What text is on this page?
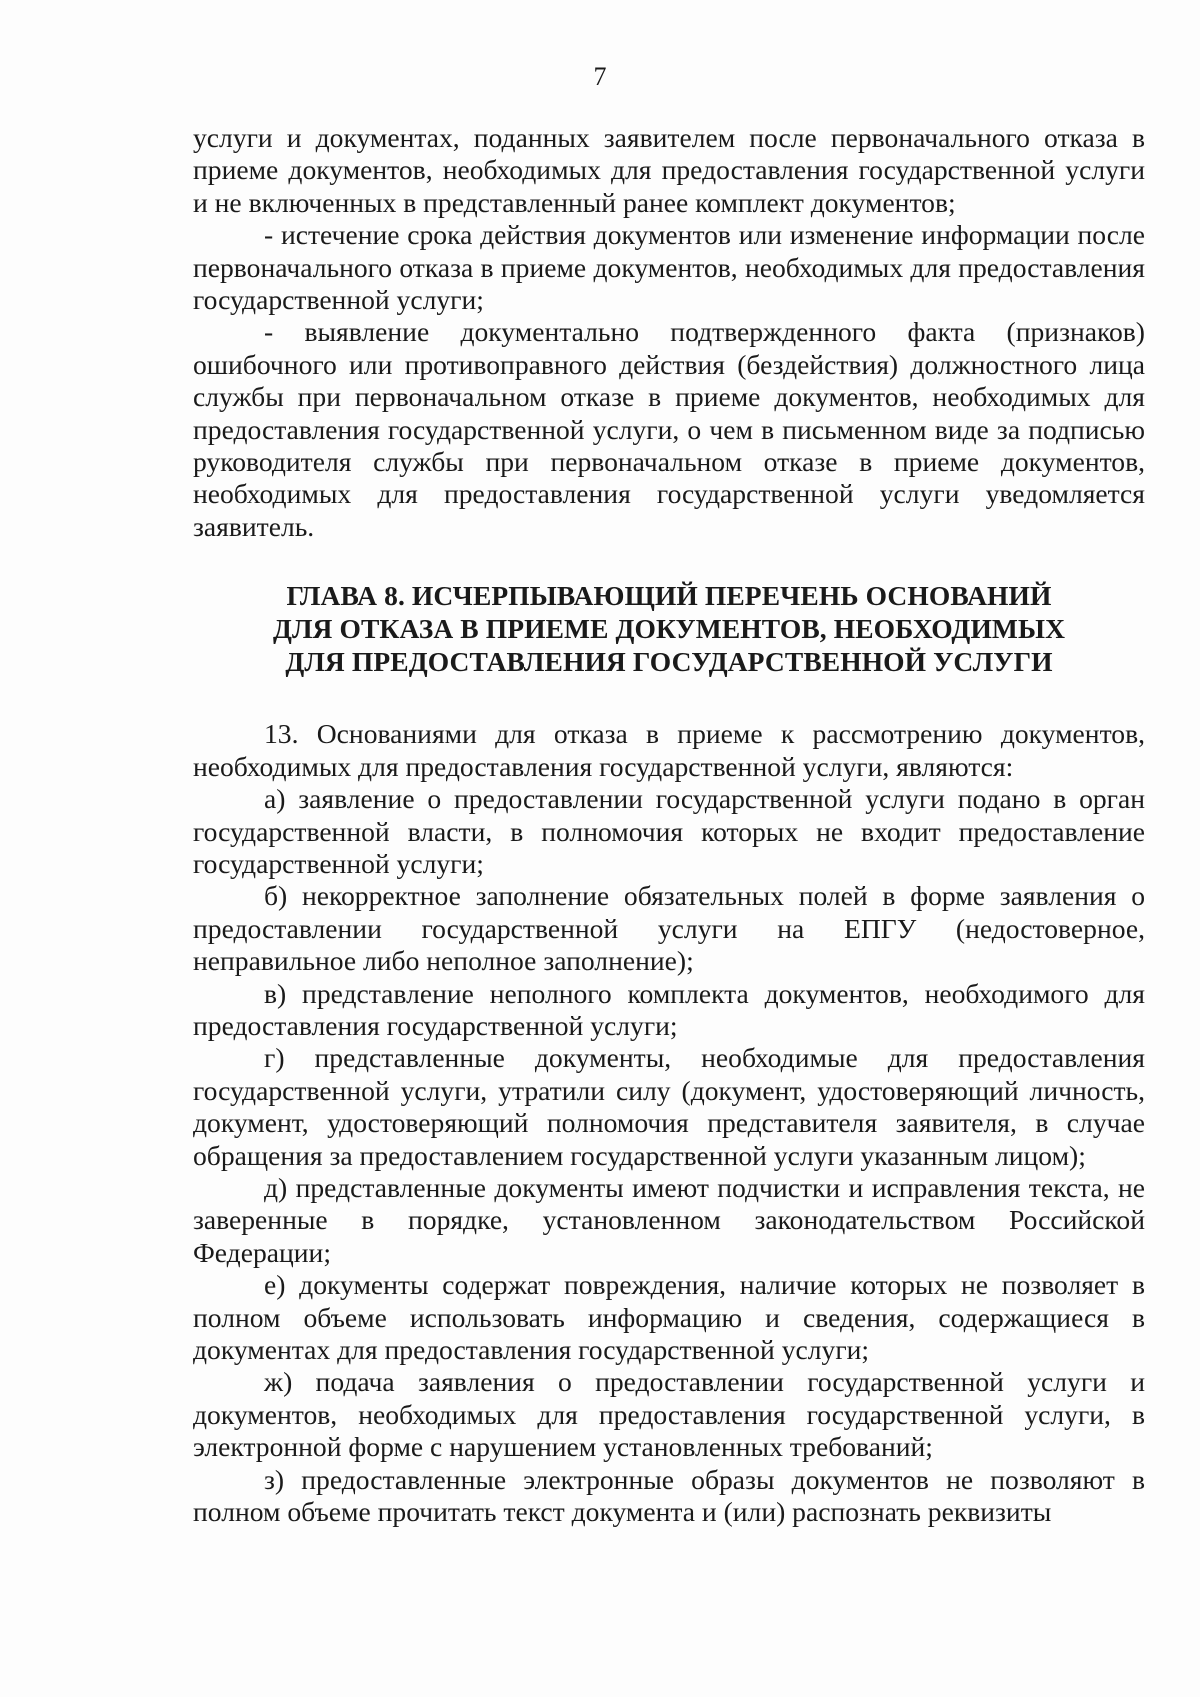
7

услуги и документах, поданных заявителем после первоначального отказа в приеме документов, необходимых для предоставления государственной услуги и не включенных в представленный ранее комплект документов;

- истечение срока действия документов или изменение информации после первоначального отказа в приеме документов, необходимых для предоставления государственной услуги;

- выявление документально подтвержденного факта (признаков) ошибочного или противоправного действия (бездействия) должностного лица службы при первоначальном отказе в приеме документов, необходимых для предоставления государственной услуги, о чем в письменном виде за подписью руководителя службы при первоначальном отказе в приеме документов, необходимых для предоставления государственной услуги уведомляется заявитель.

ГЛАВА 8. ИСЧЕРПЫВАЮЩИЙ ПЕРЕЧЕНЬ ОСНОВАНИЙ
ДЛЯ ОТКАЗА В ПРИЕМЕ ДОКУМЕНТОВ, НЕОБХОДИМЫХ
ДЛЯ ПРЕДОСТАВЛЕНИЯ ГОСУДАРСТВЕННОЙ УСЛУГИ

13. Основаниями для отказа в приеме к рассмотрению документов, необходимых для предоставления государственной услуги, являются:

а) заявление о предоставлении государственной услуги подано в орган государственной власти, в полномочия которых не входит предоставление государственной услуги;

б) некорректное заполнение обязательных полей в форме заявления о предоставлении государственной услуги на ЕПГУ (недостоверное, неправильное либо неполное заполнение);

в) представление неполного комплекта документов, необходимого для предоставления государственной услуги;

г) представленные документы, необходимые для предоставления государственной услуги, утратили силу (документ, удостоверяющий личность, документ, удостоверяющий полномочия представителя заявителя, в случае обращения за предоставлением государственной услуги указанным лицом);

д) представленные документы имеют подчистки и исправления текста, не заверенные в порядке, установленном законодательством Российской Федерации;

е) документы содержат повреждения, наличие которых не позволяет в полном объеме использовать информацию и сведения, содержащиеся в документах для предоставления государственной услуги;

ж) подача заявления о предоставлении государственной услуги и документов, необходимых для предоставления государственной услуги, в электронной форме с нарушением установленных требований;

з) предоставленные электронные образы документов не позволяют в полном объеме прочитать текст документа и (или) распознать реквизиты
